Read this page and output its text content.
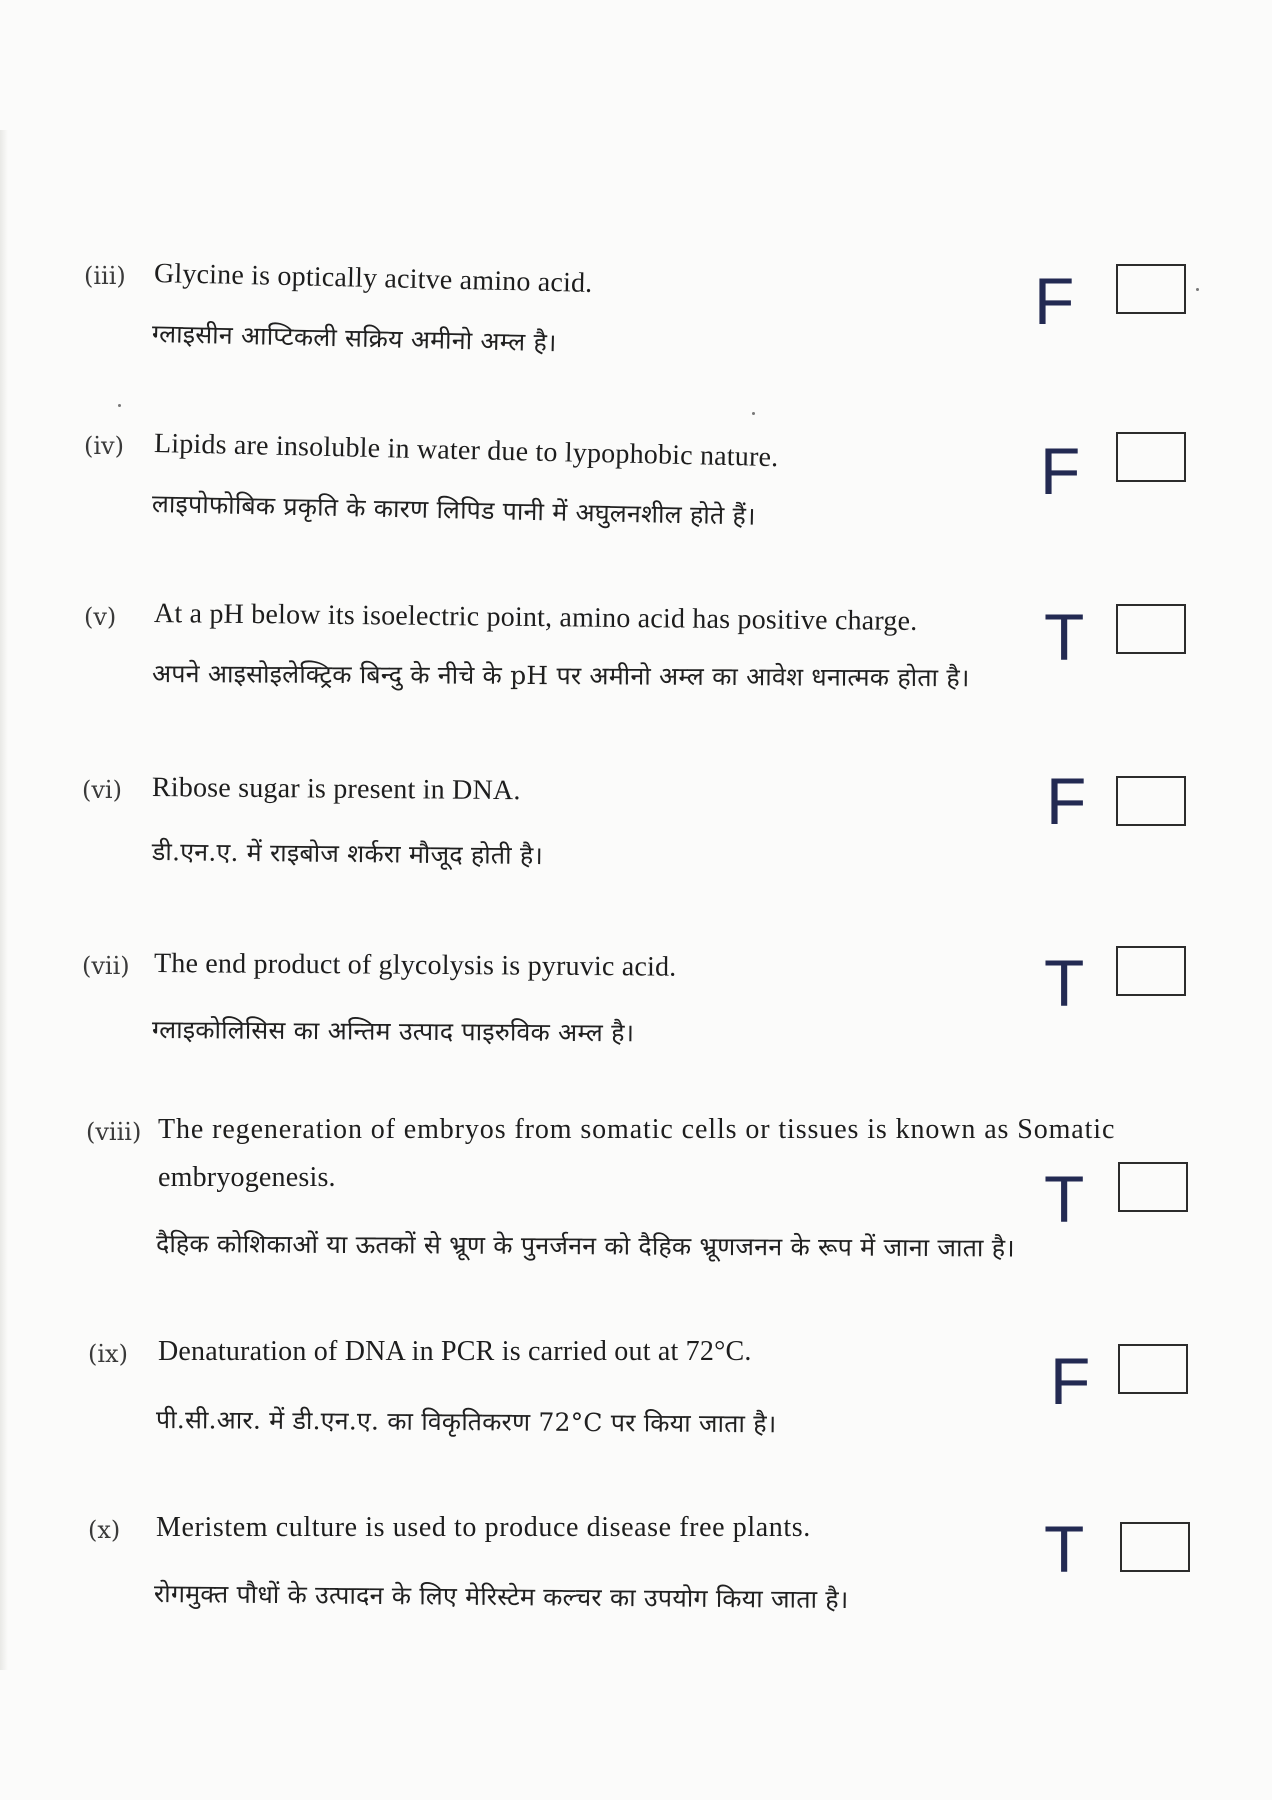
(iii) Glycine is optically acitve amino acid.
ग्लाइसीन आप्टिकली सक्रिय अमीनो अम्ल है।
F
(iv) Lipids are insoluble in water due to lypophobic nature.
लाइपोफोबिक प्रकृति के कारण लिपिड पानी में अघुलनशील होते हैं।
F
(v) At a pH below its isoelectric point, amino acid has positive charge.
अपने आइसोइलेक्ट्रिक बिन्दु के नीचे के pH पर अमीनो अम्ल का आवेश धनात्मक होता है।
T
(vi) Ribose sugar is present in DNA.
डी.एन.ए. में राइबोज शर्करा मौजूद होती है।
F
(vii) The end product of glycolysis is pyruvic acid.
ग्लाइकोलिसिस का अन्तिम उत्पाद पाइरुविक अम्ल है।
T
(viii) The regeneration of embryos from somatic cells or tissues is known as Somatic
embryogenesis.
दैहिक कोशिकाओं या ऊतकों से भ्रूण के पुनर्जनन को दैहिक भ्रूणजनन के रूप में जाना जाता है।
T
(ix) Denaturation of DNA in PCR is carried out at 72°C.
पी.सी.आर. में डी.एन.ए. का विकृतिकरण 72°C पर किया जाता है।
F
(x) Meristem culture is used to produce disease free plants.
रोगमुक्त पौधों के उत्पादन के लिए मेरिस्टेम कल्चर का उपयोग किया जाता है।
T
